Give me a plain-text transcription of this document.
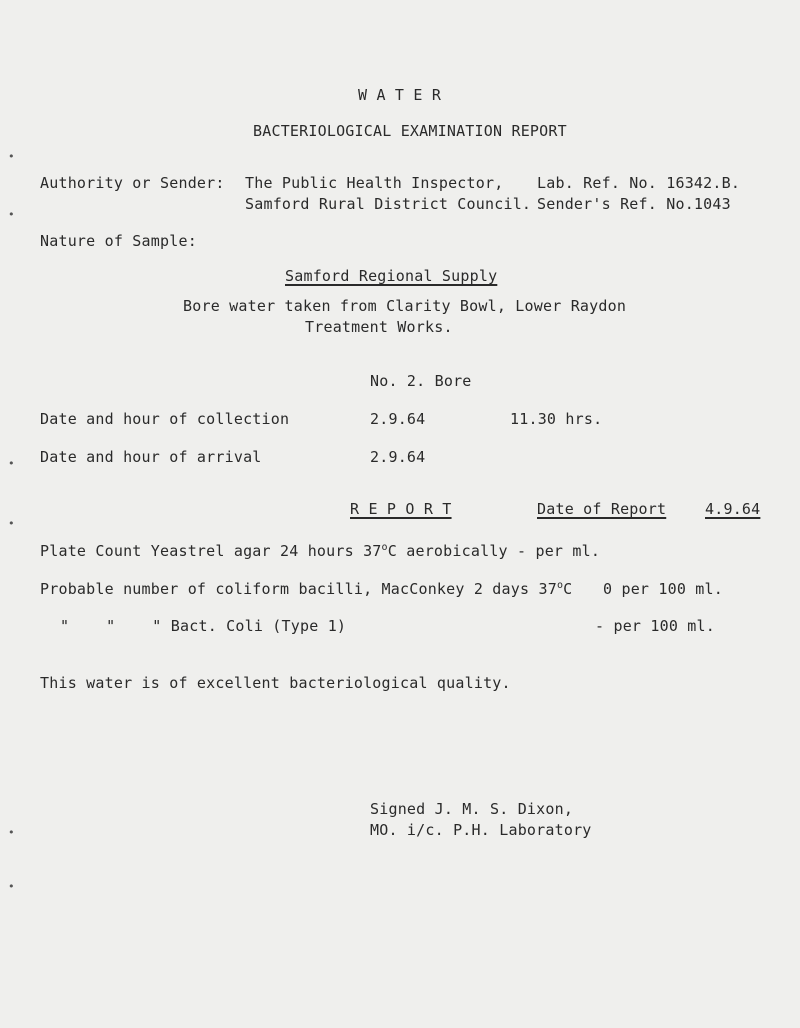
•
•
•
•
•
•
W A T E R
BACTERIOLOGICAL EXAMINATION REPORT
Authority or Sender: The Public Health Inspector,
Samford Rural District Council.
Lab. Ref. No. 16342.B.
Sender's Ref. No.1043
Nature of Sample:
Samford Regional Supply
Bore water taken from Clarity Bowl, Lower Raydon
Treatment Works.
No. 2. Bore
Date and hour of collection	2.9.64	11.30 hrs.
Date and hour of arrival	2.9.64
R E P O R T	Date of Report	4.9.64
Plate Count Yeastrel agar 24 hours 37$^o$C aerobically - per ml.
Probable number of coliform bacilli, MacConkey 2 days 37$^o$C 0 per 100 ml.
"    "    " Bact. Coli (Type 1)	- per 100 ml.
This water is of excellent bacteriological quality.
Signed J. M. S. Dixon,
MO. i/c. P.H. Laboratory
